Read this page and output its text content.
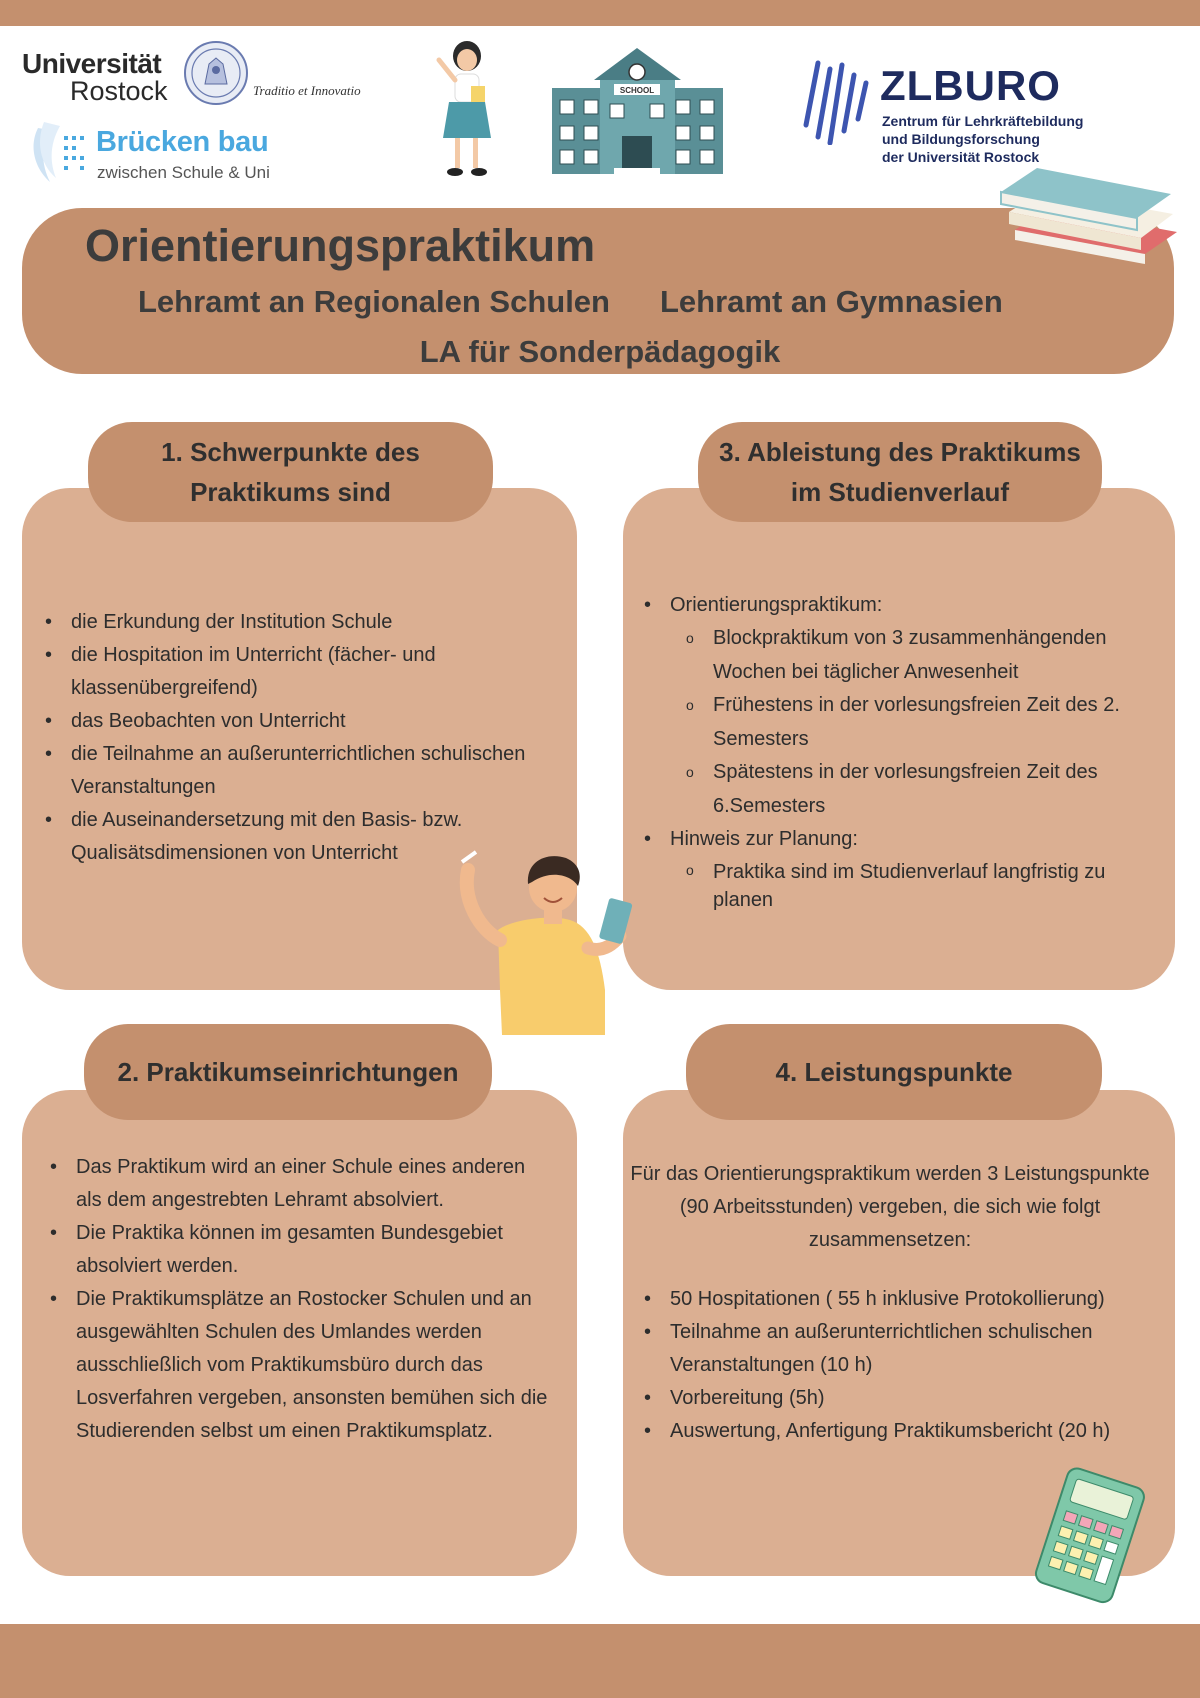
Universität
Rostock	Traditio et Innovatio
Brücken bau
zwischen Schule & Uni
SCHOOL	ZLBURO
Zentrum für Lehrkräftebildung
und Bildungsforschung
der Universität Rostock
Orientierungspraktikum
Lehramt an Regionalen Schulen Lehramt an Gymnasien
LA für Sonderpädagogik
1. Schwerpunkte des
Praktikums sind
• die Erkundung der Institution Schule
• die Hospitation im Unterricht (fächer- und klassenübergreifend)
• das Beobachten von Unterricht
• die Teilnahme an außerunterrichtlichen schulischen Veranstaltungen
• die Auseinandersetzung mit den Basis- bzw. Qualisätsdimensionen von Unterricht
3. Ableistung des Praktikums
im Studienverlauf
• Orientierungspraktikum:
o Blockpraktikum von 3 zusammenhängenden Wochen bei täglicher Anwesenheit
o Frühestens in der vorlesungsfreien Zeit des 2. Semesters
o Spätestens in der vorlesungsfreien Zeit des 6.Semesters
• Hinweis zur Planung:
o Praktika sind im Studienverlauf langfristig zu planen
2. Praktikumseinrichtungen
• Das Praktikum wird an einer Schule eines anderen als dem angestrebten Lehramt absolviert.
• Die Praktika können im gesamten Bundesgebiet absolviert werden.
• Die Praktikumsplätze an Rostocker Schulen und an ausgewählten Schulen des Umlandes werden ausschließlich vom Praktikumsbüro durch das Losverfahren vergeben, ansonsten bemühen sich die Studierenden selbst um einen Praktikumsplatz.
4. Leistungspunkte
Für das Orientierungspraktikum werden 3 Leistungspunkte (90 Arbeitsstunden) vergeben, die sich wie folgt zusammensetzen:
• 50 Hospitationen ( 55 h inklusive Protokollierung)
• Teilnahme an außerunterrichtlichen schulischen Veranstaltungen (10 h)
• Vorbereitung (5h)
• Auswertung, Anfertigung Praktikumsbericht (20 h)
